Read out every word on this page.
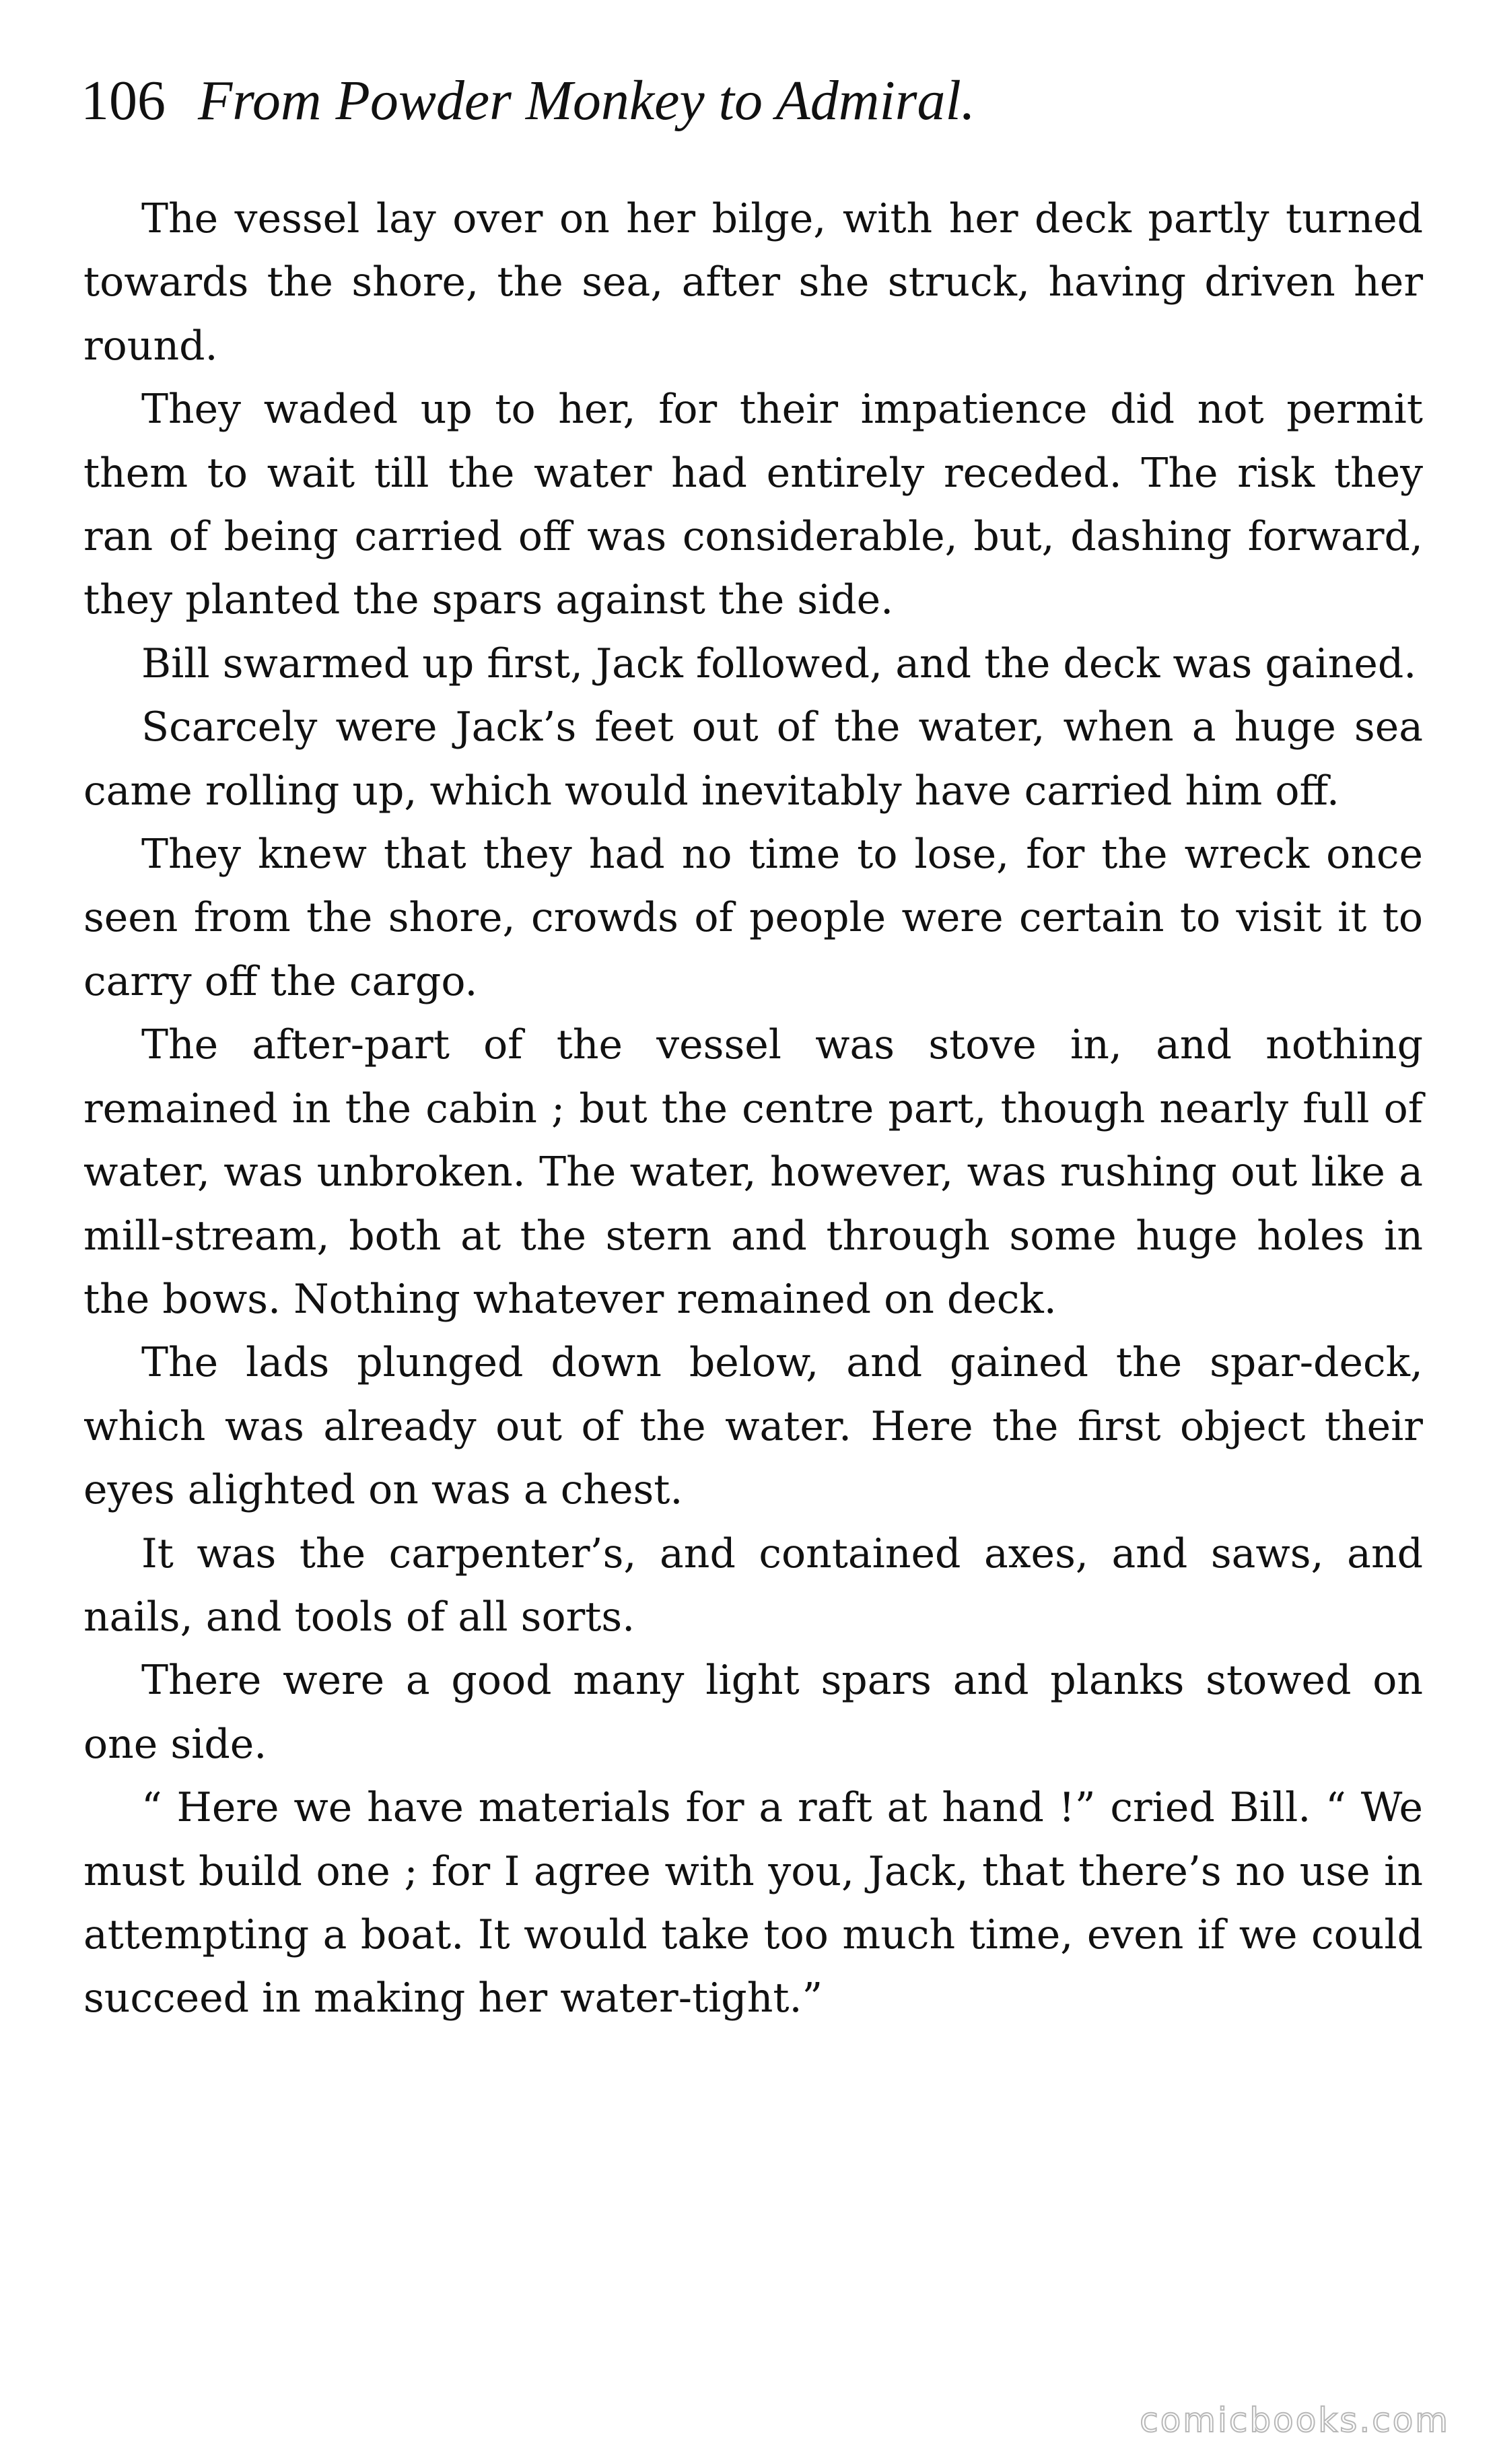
106 From Powder Monkey to Admiral.

The vessel lay over on her bilge, with her deck partly turned towards the shore, the sea, after she struck, having driven her round.

They waded up to her, for their impatience did not permit them to wait till the water had entirely receded. The risk they ran of being carried off was considerable, but, dashing forward, they planted the spars against the side.

Bill swarmed up first, Jack followed, and the deck was gained.

Scarcely were Jack’s feet out of the water, when a huge sea came rolling up, which would inevitably have carried him off.

They knew that they had no time to lose, for the wreck once seen from the shore, crowds of people were certain to visit it to carry off the cargo.

The after-part of the vessel was stove in, and nothing remained in the cabin ; but the centre part, though nearly full of water, was unbroken. The water, however, was rushing out like a mill-stream, both at the stern and through some huge holes in the bows. Nothing whatever remained on deck.

The lads plunged down below, and gained the spar-deck, which was already out of the water. Here the first object their eyes alighted on was a chest.

It was the carpenter’s, and contained axes, and saws, and nails, and tools of all sorts.

There were a good many light spars and planks stowed on one side.

“ Here we have materials for a raft at hand !” cried Bill. “ We must build one ; for I agree with you, Jack, that there’s no use in attempting a boat. It would take too much time, even if we could succeed in making her water-tight.”

comicbooks.com
